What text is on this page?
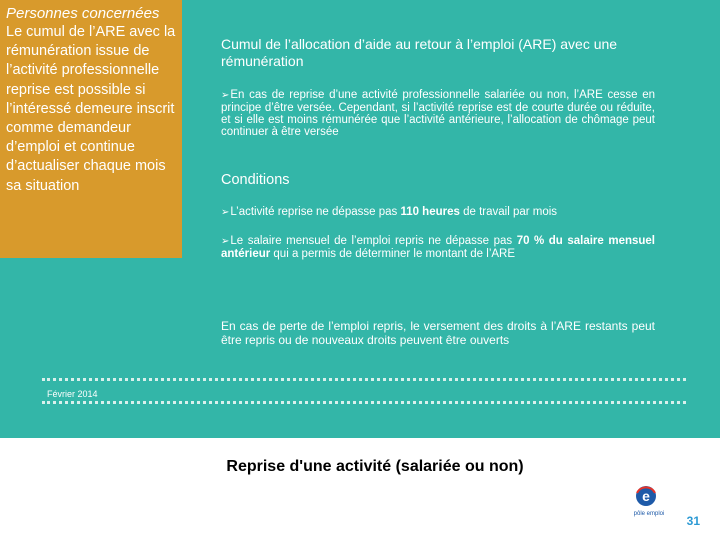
Personnes concernées

Le cumul de l’ARE avec la rémunération issue de l’activité professionnelle reprise est possible si l’intéressé demeure inscrit comme demandeur d’emploi et continue d’actualiser chaque mois sa situation

Cumul de l’allocation d’aide au retour à l’emploi (ARE) avec une rémunération

➢En cas de reprise d’une activité professionnelle salariée ou non, l’ARE cesse en principe d’être versée. Cependant, si l’activité reprise est de courte durée ou réduite, et si elle est moins rémunérée que l’activité antérieure, l’allocation de chômage peut continuer à être versée

Conditions

➢L’activité reprise ne dépasse pas 110 heures de travail par mois

➢Le salaire mensuel de l’emploi repris ne dépasse pas 70 % du salaire mensuel antérieur qui a permis de déterminer le montant de l’ARE

En cas de perte de l’emploi repris, le versement des droits à l’ARE restants peut être repris ou de nouveaux droits peuvent être ouverts

Février 2014
Reprise d'une activité (salariée ou non)
e
pôle emploi 31
